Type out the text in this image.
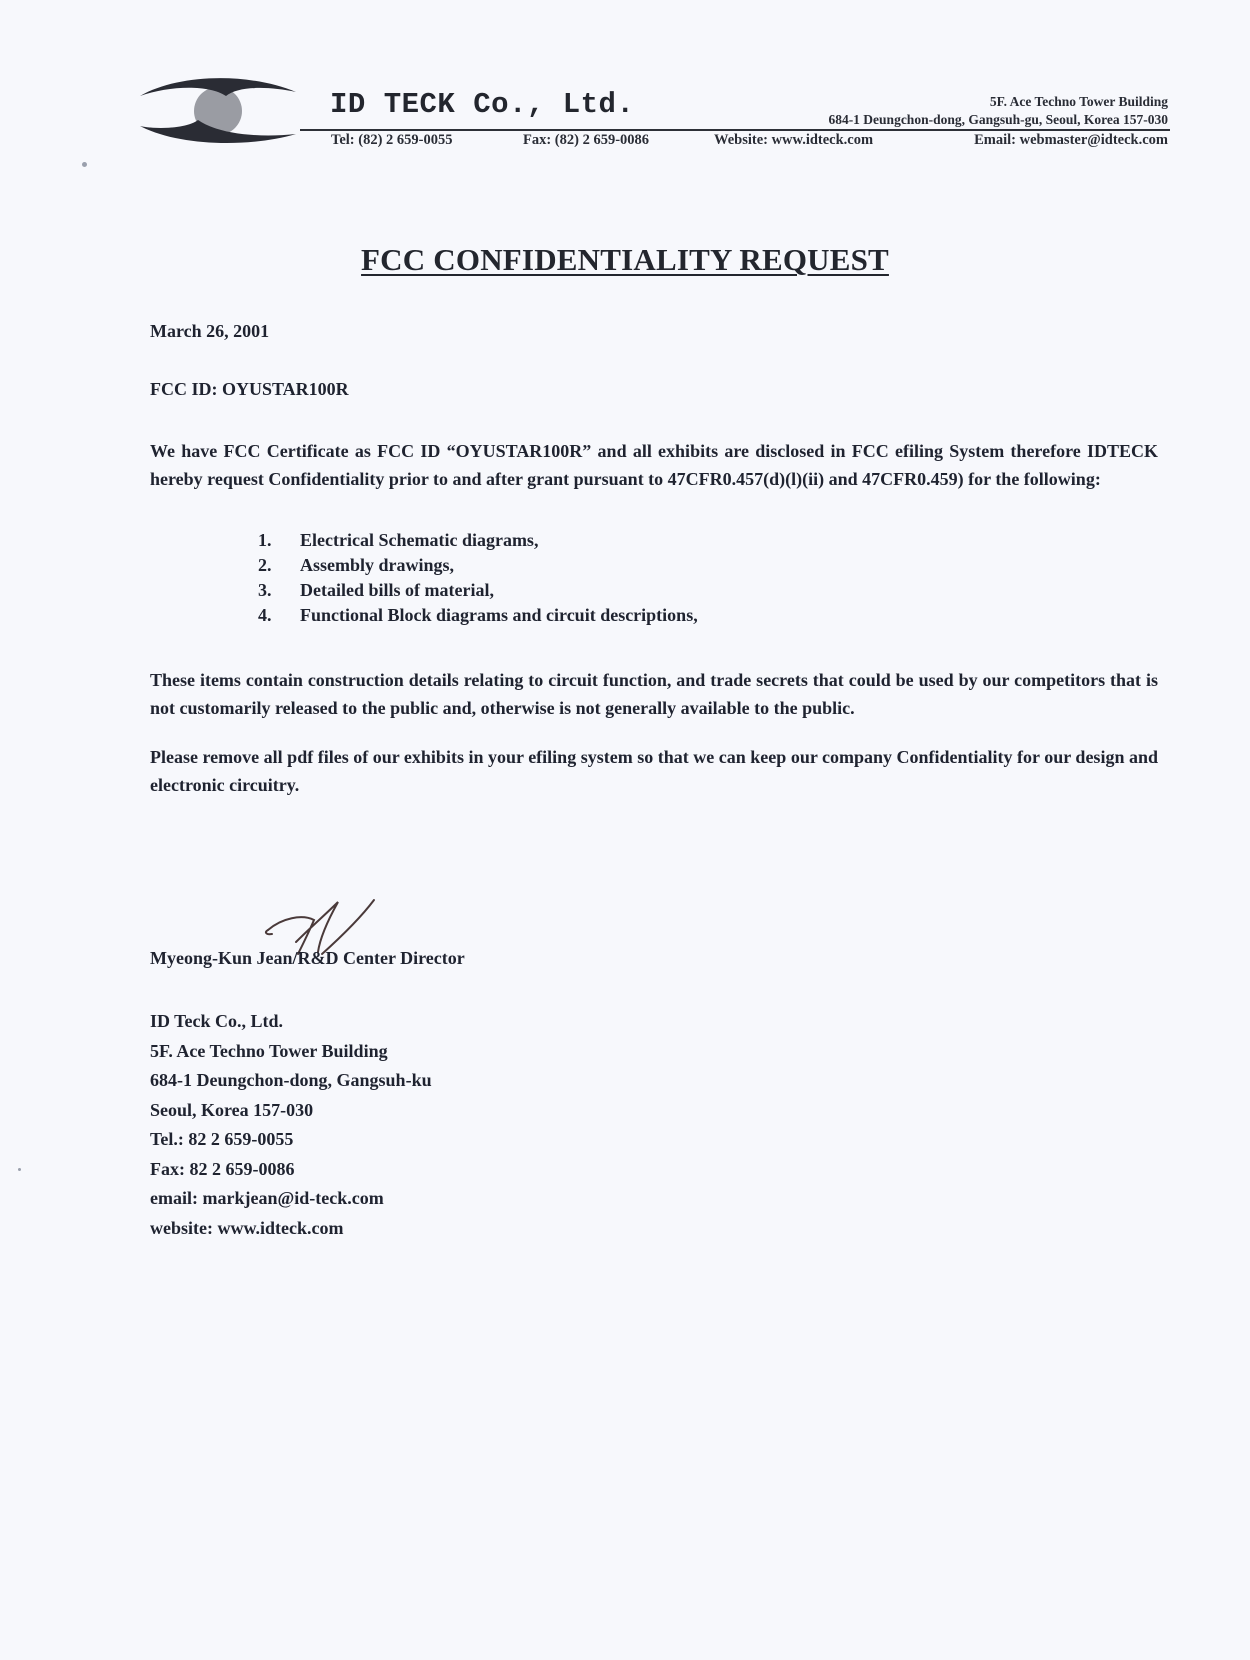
ID TECK Co., Ltd.	5F. Ace Techno Tower Building
684-1 Deungchon-dong, Gangsuh-gu, Seoul, Korea 157-030
Tel: (82) 2 659-0055	Fax: (82) 2 659-0086	Website: www.idteck.com	Email: webmaster@idteck.com
FCC CONFIDENTIALITY REQUEST
March 26, 2001
FCC ID: OYUSTAR100R
We have FCC Certificate as FCC ID “OYUSTAR100R” and all exhibits are disclosed in FCC efiling System therefore IDTECK hereby request Confidentiality prior to and after grant pursuant to 47CFR0.457(d)(l)(ii) and 47CFR0.459) for the following:
1.	Electrical Schematic diagrams,
2.	Assembly drawings,
3.	Detailed bills of material,
4.	Functional Block diagrams and circuit descriptions,
These items contain construction details relating to circuit function, and trade secrets that could be used by our competitors that is not customarily released to the public and, otherwise is not generally available to the public.
Please remove all pdf files of our exhibits in your efiling system so that we can keep our company Confidentiality for our design and electronic circuitry.
Myeong-Kun Jean/R&D Center Director
ID Teck Co., Ltd.
5F. Ace Techno Tower Building
684-1 Deungchon-dong, Gangsuh-ku
Seoul, Korea 157-030
Tel.: 82 2 659-0055
Fax: 82 2 659-0086
email: markjean@id-teck.com
website: www.idteck.com
